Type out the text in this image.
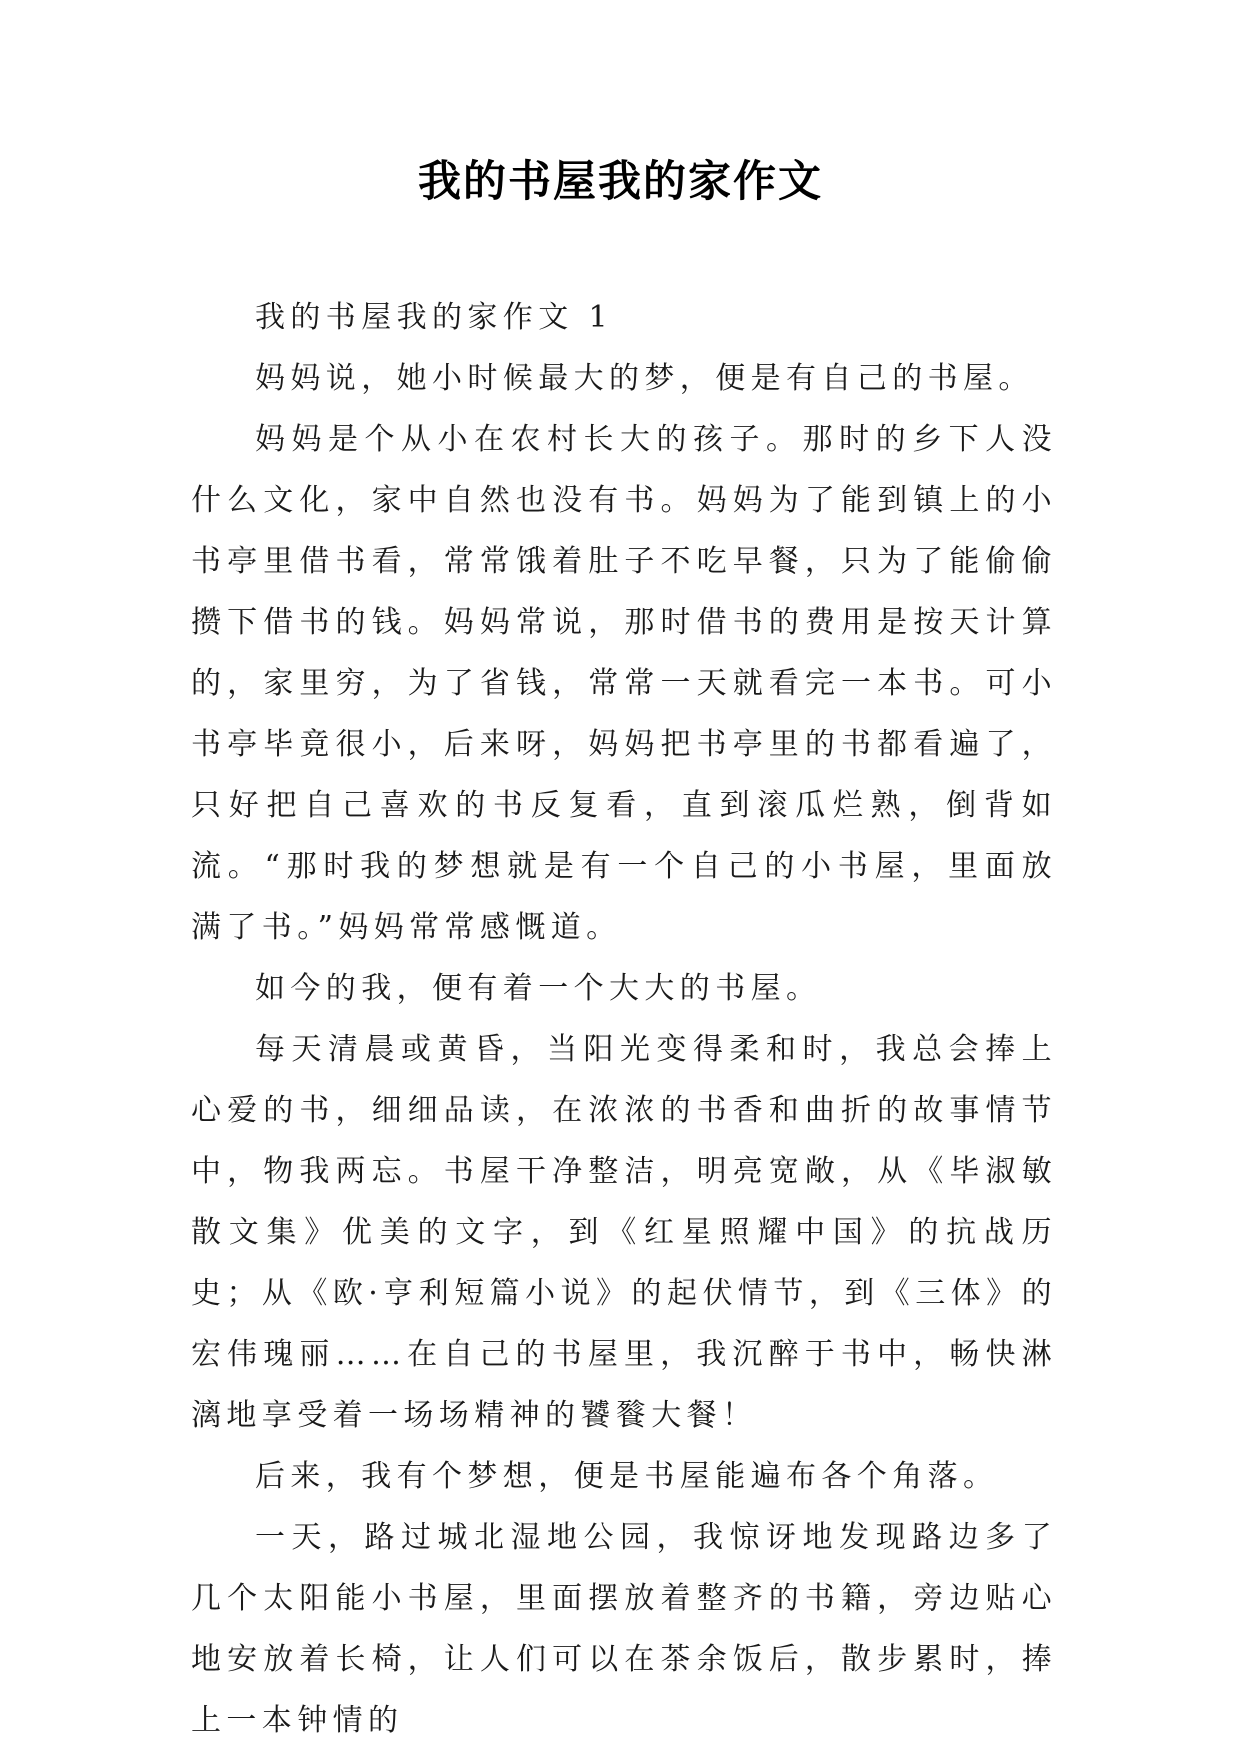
我的书屋我的家作文

我的书屋我的家作文 1

妈妈说，她小时候最大的梦，便是有自己的书屋。

妈妈是个从小在农村长大的孩子。那时的乡下人没什么文化，家中自然也没有书。妈妈为了能到镇上的小书亭里借书看，常常饿着肚子不吃早餐，只为了能偷偷攒下借书的钱。妈妈常说，那时借书的费用是按天计算的，家里穷，为了省钱，常常一天就看完一本书。可小书亭毕竟很小，后来呀，妈妈把书亭里的书都看遍了，只好把自己喜欢的书反复看，直到滚瓜烂熟，倒背如流。“那时我的梦想就是有一个自己的小书屋，里面放满了书。”妈妈常常感慨道。

如今的我，便有着一个大大的书屋。

每天清晨或黄昏，当阳光变得柔和时，我总会捧上心爱的书，细细品读，在浓浓的书香和曲折的故事情节中，物我两忘。书屋干净整洁，明亮宽敞，从《毕淑敏散文集》优美的文字，到《红星照耀中国》的抗战历史；从《欧·亨利短篇小说》的起伏情节，到《三体》的宏伟瑰丽……在自己的书屋里，我沉醉于书中，畅快淋漓地享受着一场场精神的饕餮大餐！

后来，我有个梦想，便是书屋能遍布各个角落。

一天，路过城北湿地公园，我惊讶地发现路边多了几个太阳能小书屋，里面摆放着整齐的书籍，旁边贴心地安放着长椅，让人们可以在茶余饭后，散步累时，捧上一本钟情的
